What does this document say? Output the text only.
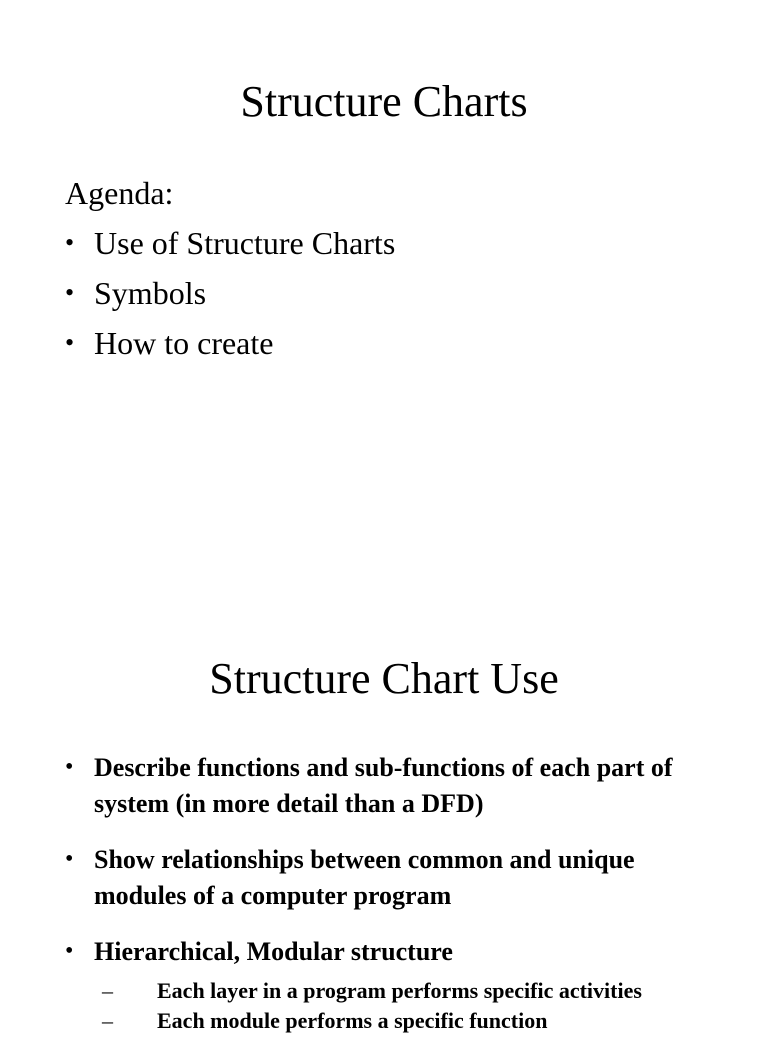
Structure Charts
Agenda:
• Use of Structure Charts
• Symbols
• How to create
Structure Chart Use
• Describe functions and sub-functions of each part of system (in more detail than a DFD)
• Show relationships between common and unique modules of a computer program
• Hierarchical, Modular structure
– Each layer in a program performs specific activities
– Each module performs a specific function
